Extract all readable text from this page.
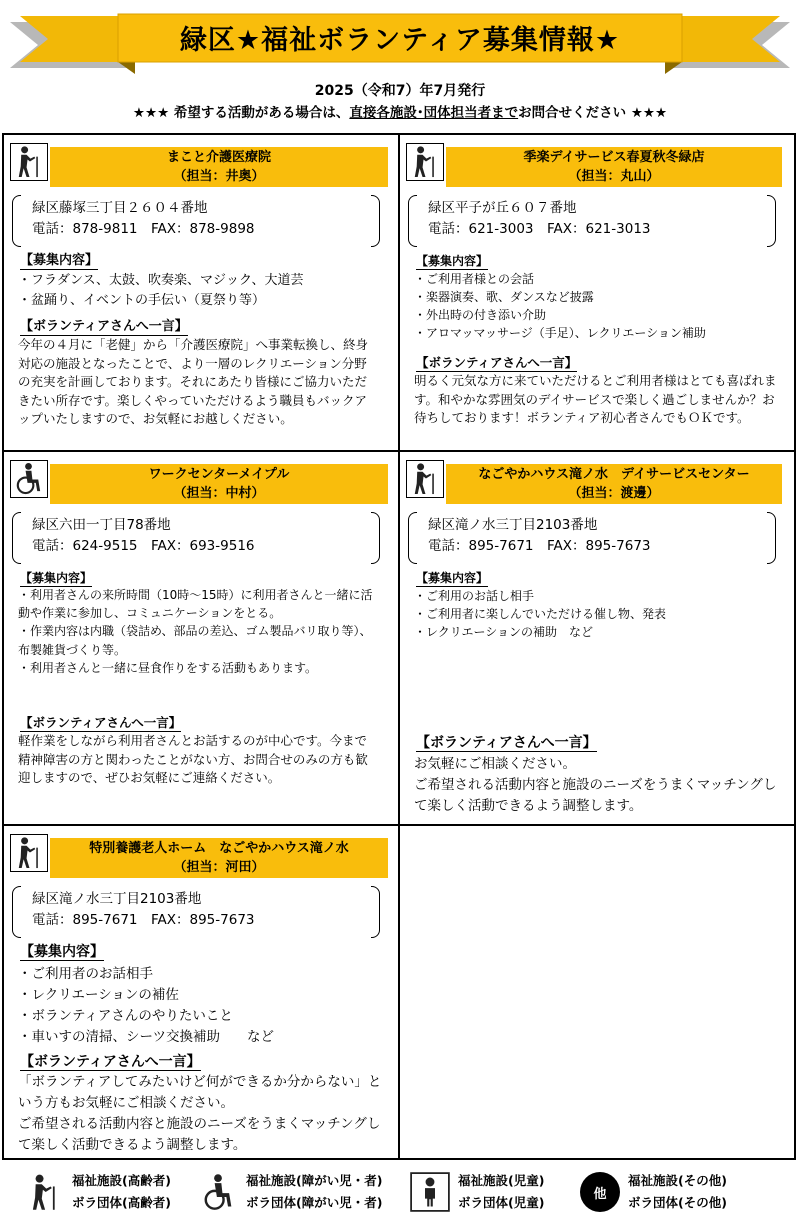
緑区★福祉ボランティア募集情報★
2025（令和7）年7月発行
★★★ 希望する活動がある場合は、直接各施設･団体担当者までお問合せください ★★★
まこと介護医療院
（担当：井奥）
緑区藤塚三丁目２６０４番地
電話：878-9811　FAX：878-9898
【募集内容】
・フラダンス、太鼓、吹奏楽、マジック、大道芸
・盆踊り、イベントの手伝い（夏祭り等）
【ボランティアさんへ一言】

今年の４月に「老健」から「介護医療院」へ事業転換し、終身対応の施設となったことで、より一層のレクリエーション分野の充実を計画しております。それにあたり皆様にご協力いただきたい所存です。楽しくやっていただけるよう職員もバックアップいたしますので、お気軽にお越しください。

季楽デイサービス春夏秋冬緑店
（担当：丸山）
緑区平子が丘６０７番地
電話：621-3003　FAX：621-3013
【募集内容】
・ご利用者様との会話
・楽器演奏、歌、ダンスなど披露
・外出時の付き添い介助
・アロマッマッサージ（手足）、レクリエーション補助
【ボランティアさんへ一言】

明るく元気な方に来ていただけるとご利用者様はとても喜ばれます。和やかな雰囲気のデイサービスで楽しく過ごしませんか？お待ちしております！ボランティア初心者さんでもＯＫです。

ワークセンターメイプル
（担当：中村）
緑区六田一丁目78番地
電話：624-9515　FAX：693-9516
【募集内容】
・利用者さんの来所時間（10時～15時）に利用者さんと一緒に活動や作業に参加し、コミュニケーションをとる。
・作業内容は内職（袋詰め、部品の差込、ゴム製品バリ取り等）、布製雑貨づくり等。
・利用者さんと一緒に昼食作りをする活動もあります。
【ボランティアさんへ一言】

軽作業をしながら利用者さんとお話するのが中心です。今まで精神障害の方と関わったことがない方、お問合せのみの方も歓迎しますので、ぜひお気軽にご連絡ください。

なごやかハウス滝ノ水　デイサービスセンター
（担当：渡邊）
緑区滝ノ水三丁目2103番地
電話：895-7671　FAX：895-7673
【募集内容】
・ご利用のお話し相手
・ご利用者に楽しんでいただける催し物、発表
・レクリエーションの補助　など
【ボランティアさんへ一言】

お気軽にご相談ください。
ご希望される活動内容と施設のニーズをうまくマッチングして楽しく活動できるよう調整します。

特別養護老人ホーム　なごやかハウス滝ノ水
（担当：河田）
緑区滝ノ水三丁目2103番地
電話：895-7671　FAX：895-7673
【募集内容】
・ご利用者のお話相手
・レクリエーションの補佐
・ボランティアさんのやりたいこと
・車いすの清掃、シーツ交換補助　　など
【ボランティアさんへ一言】

「ボランティアしてみたいけど何ができるか分からない」という方もお気軽にご相談ください。
ご希望される活動内容と施設のニーズをうまくマッチングして楽しく活動できるよう調整します。

福祉施設(高齢者)
ボラ団体(高齢者)
福祉施設(障がい児・者)
ボラ団体(障がい児・者)
福祉施設(児童)
ボラ団体(児童)
他
福祉施設(その他)
ボラ団体(その他)
